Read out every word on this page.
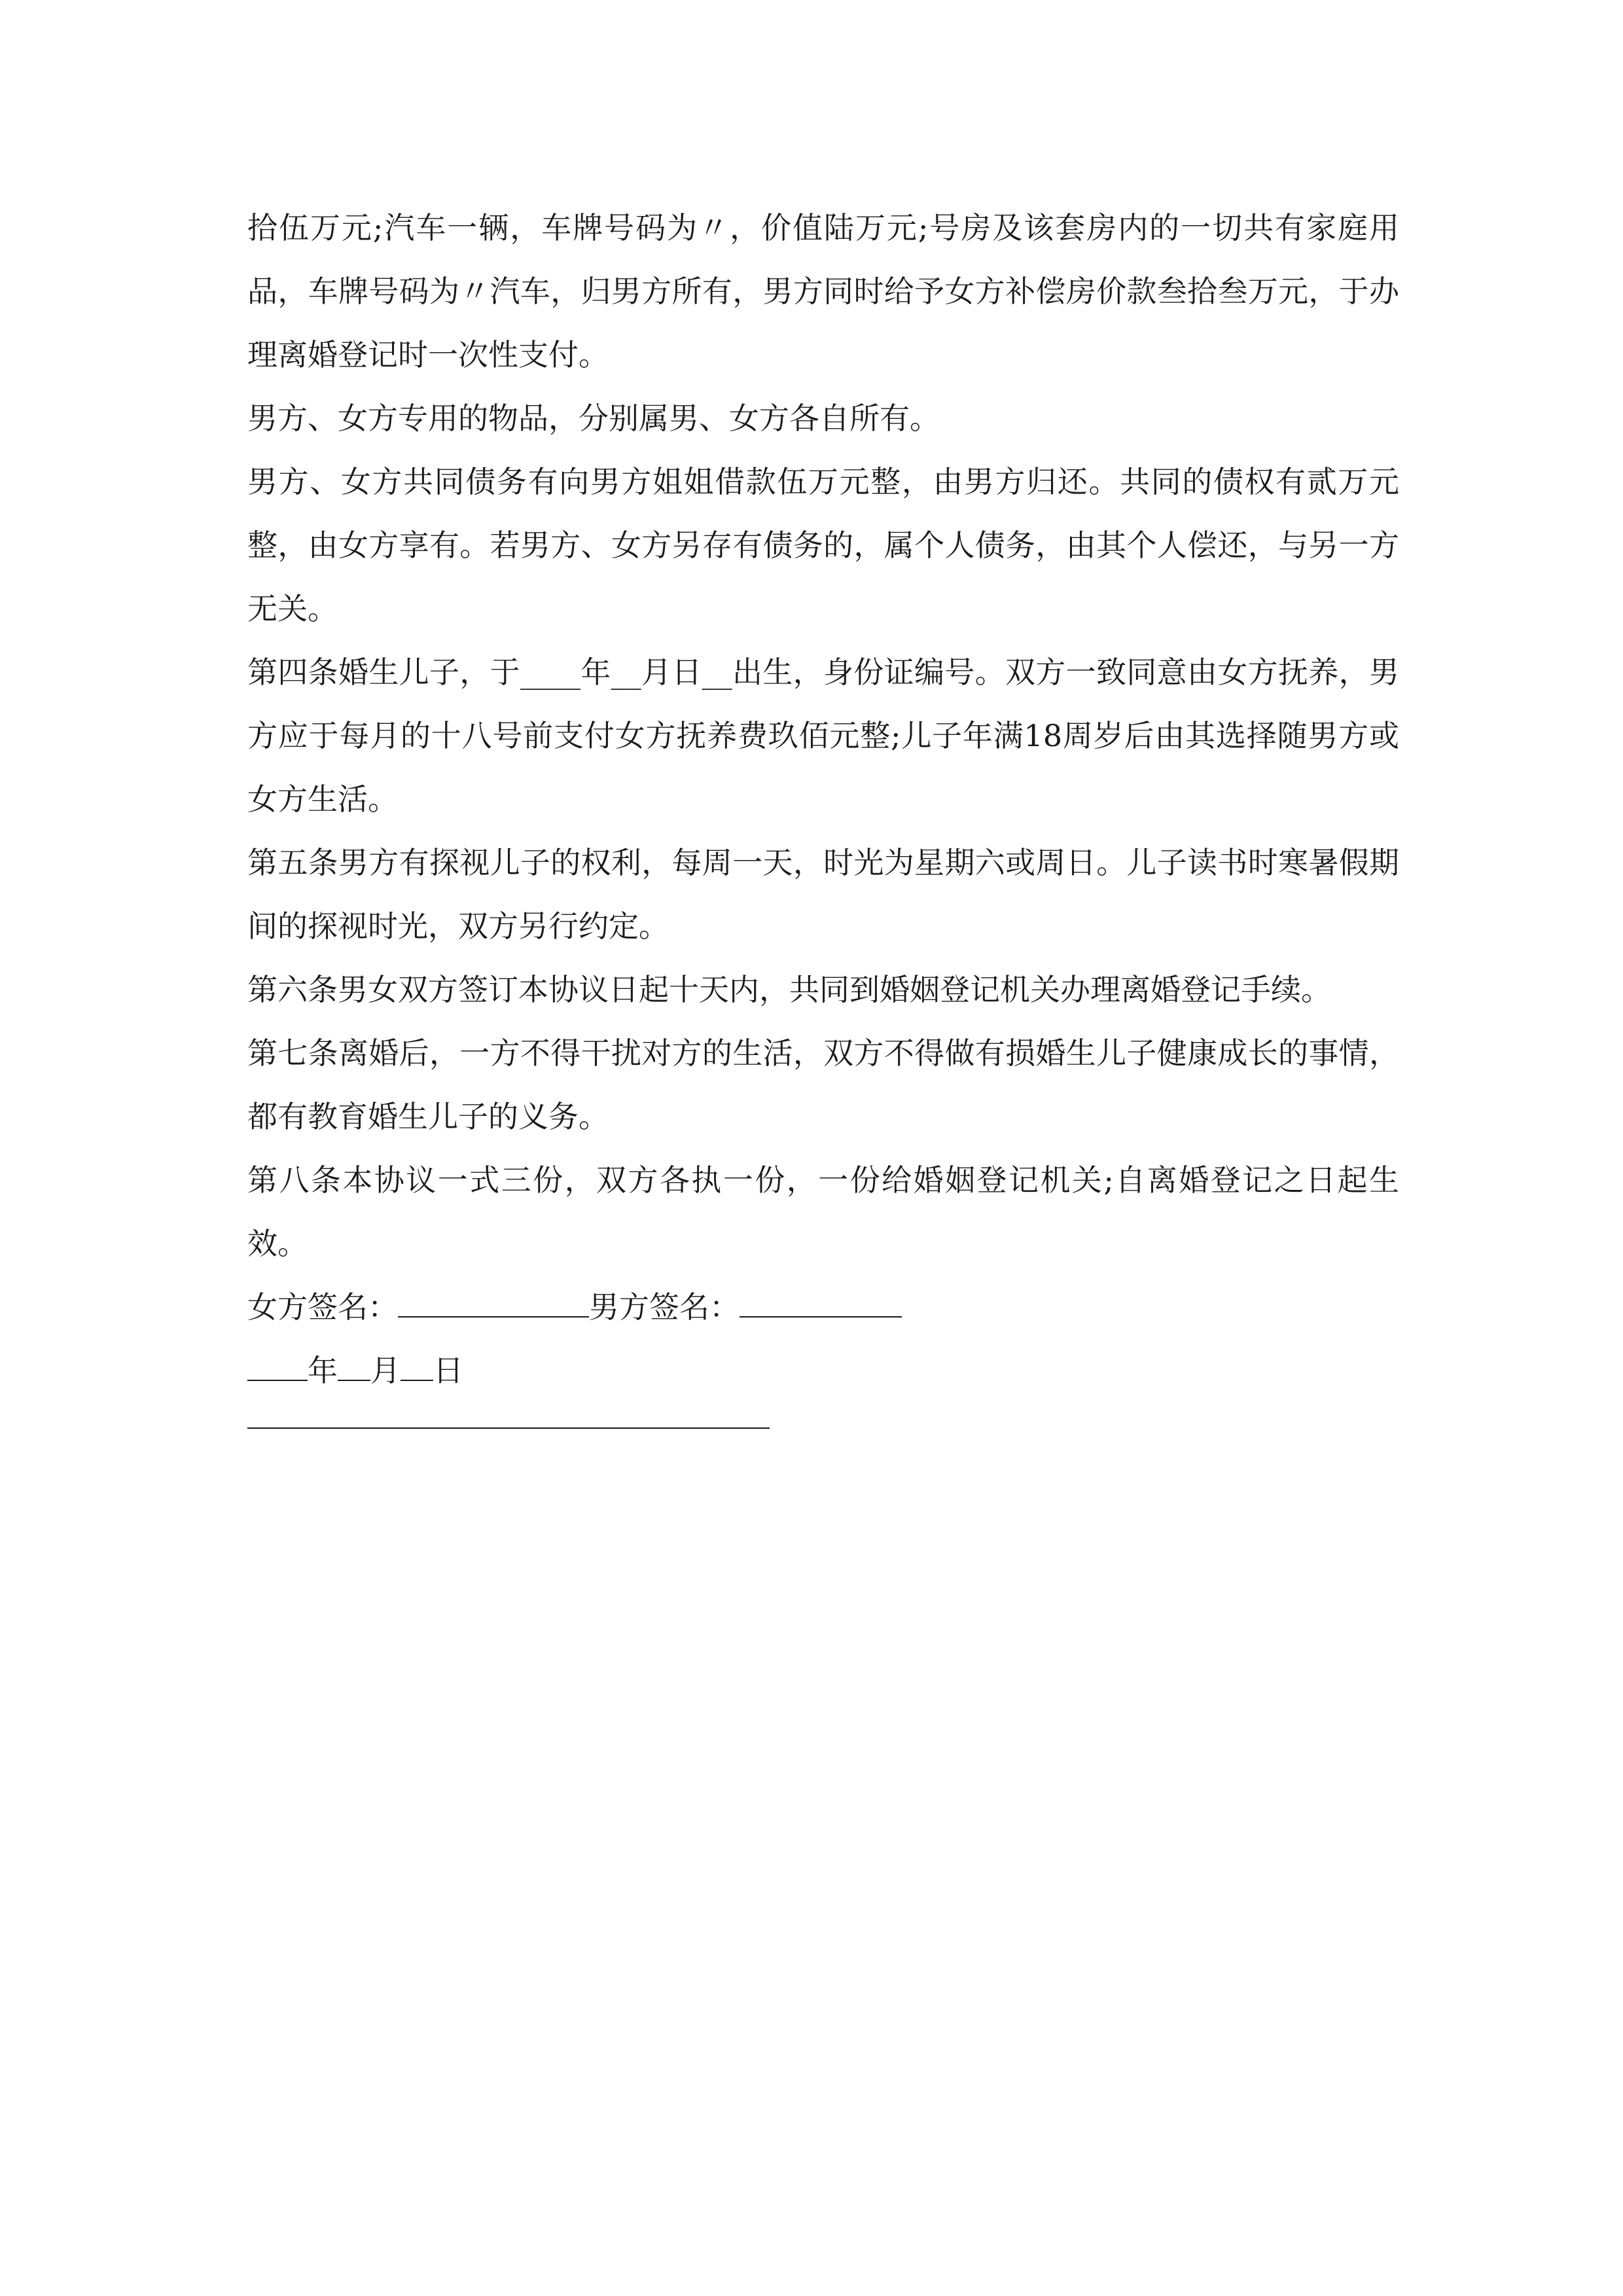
拾伍万元;汽车一辆，车牌号码为〃，价值陆万元;号房及该套房内的一切共有家庭用品，车牌号码为〃汽车，归男方所有，男方同时给予女方补偿房价款叁拾叁万元，于办理离婚登记时一次性支付。

男方、女方专用的物品，分别属男、女方各自所有。

男方、女方共同债务有向男方姐姐借款伍万元整，由男方归还。共同的债权有贰万元整，由女方享有。若男方、女方另存有债务的，属个人债务，由其个人偿还，与另一方无关。

第四条婚生儿子，于____年__月日__出生，身份证编号。双方一致同意由女方抚养，男方应于每月的十八号前支付女方抚养费玖佰元整;儿子年满18周岁后由其选择随男方或女方生活。

第五条男方有探视儿子的权利，每周一天，时光为星期六或周日。儿子读书时寒暑假期间的探视时光，双方另行约定。

第六条男女双方签订本协议日起十天内，共同到婚姻登记机关办理离婚登记手续。

第七条离婚后，一方不得干扰对方的生活，双方不得做有损婚生儿子健康成长的事情，都有教育婚生儿子的义务。

第八条本协议一式三份，双方各执一份，一份给婚姻登记机关;自离婚登记之日起生效。

女方签名：	男方签名：

年 月 日
